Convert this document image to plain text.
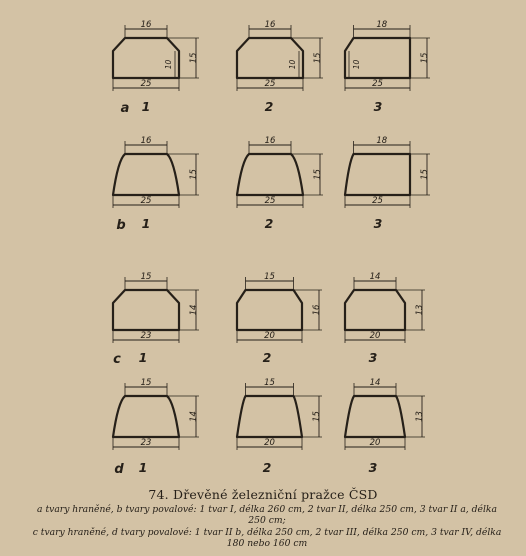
16
25
15
10
1
16
25
15
10
2
18
25
15
10
3
16
25
15
1
16
25
15
2
18
25
15
3
15
23
14
1
15
20
16
2
14
20
13
3
15
23
14
1
15
20
15
2
14
20
13
3
a
b
c
d
74. Dřevěné železniční pražce ČSD
a tvary hraněné, b tvary povalové: 1 tvar I, délka 260 cm, 2 tvar II, délka 250 cm, 3 tvar II a, délka 250 cm;
c tvary hraněné, d tvary povalové: 1 tvar II b, délka 250 cm, 2 tvar III, délka 250 cm, 3 tvar IV, délka 180 nebo 160 cm
